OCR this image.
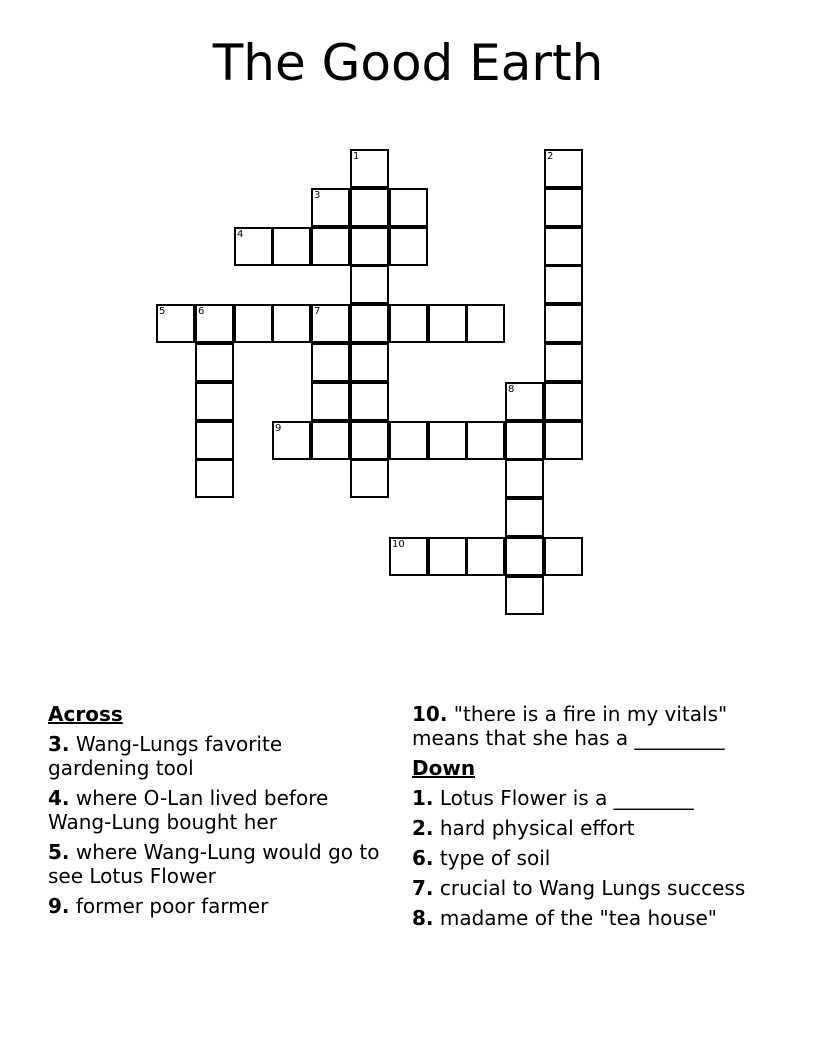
The Good Earth
1	2
3
4
5	6	7
9
8
10
Across
3. Wang-Lungs favorite gardening tool
4. where O-Lan lived before Wang-Lung bought her
5. where Wang-Lung would go to see Lotus Flower
9. former poor farmer
10. "there is a fire in my vitals" means that she has a _________
Down
1. Lotus Flower is a ________
2. hard physical effort
6. type of soil
7. crucial to Wang Lungs success
8. madame of the "tea house"
